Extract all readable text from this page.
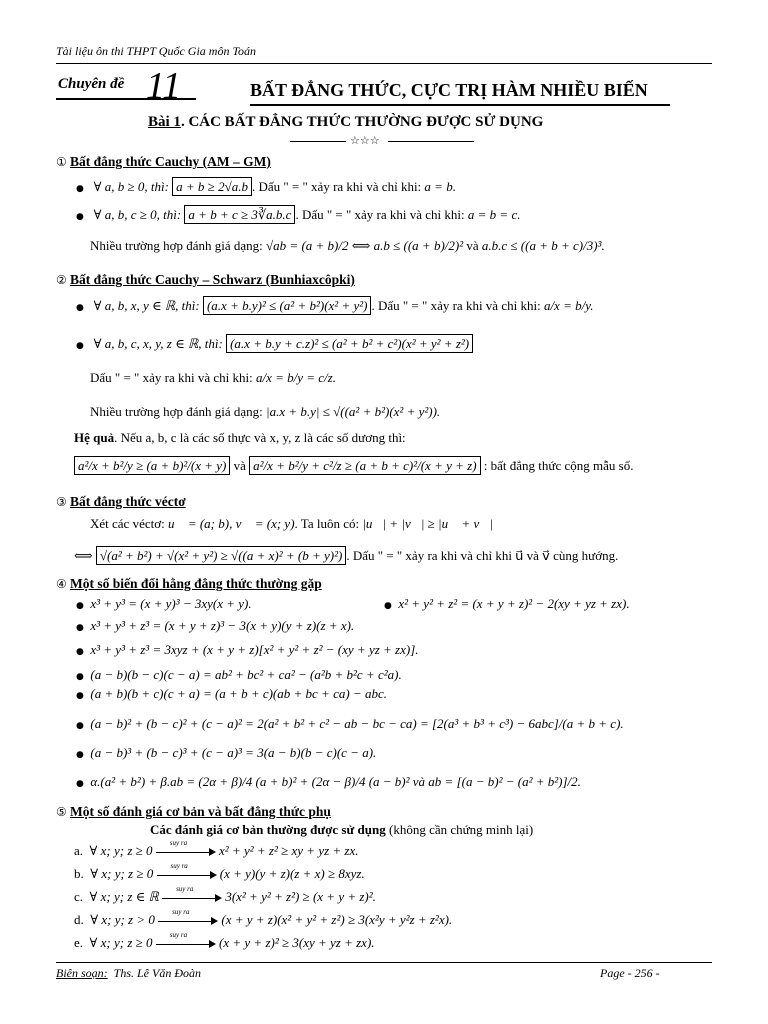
Tài liệu ôn thi THPT Quốc Gia môn Toán
Chuyên đề 11	BẤT ĐẲNG THỨC, CỰC TRỊ HÀM NHIỀU BIẾN
Bài 1. CÁC BẤT ĐẲNG THỨC THƯỜNG ĐƯỢC SỬ DỤNG
☆☆☆
① Bất đẳng thức Cauchy (AM – GM)
● ∀ a, b ≥ 0, thì: a + b ≥ 2√a.b . Dấu " = " xảy ra khi và chỉ khi: a = b.
● ∀ a, b, c ≥ 0, thì: a + b + c ≥ 3∛a.b.c . Dấu " = " xảy ra khi và chỉ khi: a = b = c.
Nhiều trường hợp đánh giá dạng: √ab = (a + b)/2 ⟺ a.b ≤ ((a + b)/2)² và a.b.c ≤ ((a + b + c)/3)³.
② Bất đẳng thức Cauchy – Schwarz (Bunhiaxcôpki)
● ∀ a, b, x, y ∈ ℝ, thì: (a.x + b.y)² ≤ (a² + b²)(x² + y²) . Dấu " = " xảy ra khi và chỉ khi: a/x = b/y.
● ∀ a, b, c, x, y, z ∈ ℝ, thì: (a.x + b.y + c.z)² ≤ (a² + b² + c²)(x² + y² + z²)
Dấu " = " xảy ra khi và chỉ khi: a/x = b/y = c/z.
Nhiều trường hợp đánh giá dạng: |a.x + b.y| ≤ √((a² + b²)(x² + y²)).
Hệ quả. Nếu a, b, c là các số thực và x, y, z là các số dương thì:
a²/x + b²/y ≥ (a + b)²/(x + y) và a²/x + b²/y + c²/z ≥ (a + b + c)²/(x + y + z) : bất đẳng thức cộng mẫu số.
③ Bất đẳng thức véctơ
Xét các véctơ: u⃗ = (a; b), v⃗ = (x; y). Ta luôn có: |u⃗| + |v⃗| ≥ |u⃗ + v⃗|
⟺ √(a² + b²) + √(x² + y²) ≥ √((a + x)² + (b + y)²) . Dấu " = " xảy ra khi và chỉ khi u⃗ và v⃗ cùng hướng.
④ Một số biến đổi hằng đẳng thức thường gặp
● x³ + y³ = (x + y)³ − 3xy(x + y).	● x² + y² + z² = (x + y + z)² − 2(xy + yz + zx).
● x³ + y³ + z³ = (x + y + z)³ − 3(x + y)(y + z)(z + x).
● x³ + y³ + z³ = 3xyz + (x + y + z)[x² + y² + z² − (xy + yz + zx)].
● (a − b)(b − c)(c − a) = ab² + bc² + ca² − (a²b + b²c + c²a).
● (a + b)(b + c)(c + a) = (a + b + c)(ab + bc + ca) − abc.
● (a − b)² + (b − c)² + (c − a)² = 2(a² + b² + c² − ab − bc − ca) = [2(a³ + b³ + c³) − 6abc]/(a + b + c).
● (a − b)³ + (b − c)³ + (c − a)³ = 3(a − b)(b − c)(c − a).
● α.(a² + b²) + β.ab = (2α + β)/4 (a + b)² + (2α − β)/4 (a − b)² và ab = [(a − b)² − (a² + b²)]/2.
⑤ Một số đánh giá cơ bản và bất đẳng thức phụ
Các đánh giá cơ bản thường được sử dụng (không cần chứng minh lại)
a. ∀ x; y; z ≥ 0 suy ra x² + y² + z² ≥ xy + yz + zx.
b. ∀ x; y; z ≥ 0 suy ra (x + y)(y + z)(z + x) ≥ 8xyz.
c. ∀ x; y; z ∈ ℝ suy ra 3(x² + y² + z²) ≥ (x + y + z)².
d. ∀ x; y; z > 0 suy ra (x + y + z)(x² + y² + z²) ≥ 3(x²y + y²z + z²x).
e. ∀ x; y; z ≥ 0 suy ra (x + y + z)² ≥ 3(xy + yz + zx).
Biên soạn: Ths. Lê Văn Đoàn	Page - 256 -
